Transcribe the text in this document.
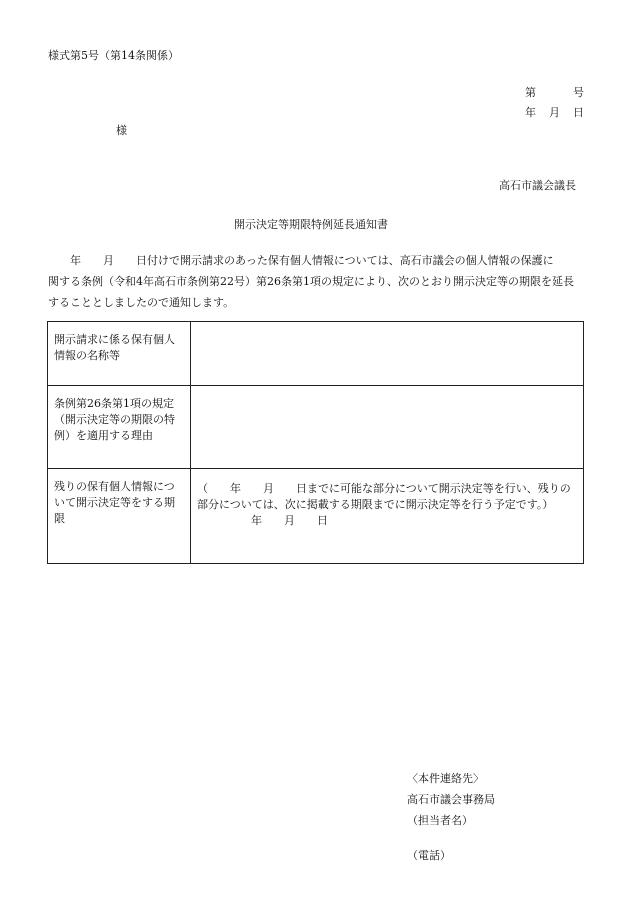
様式第5号（第14条関係）
第	号
年 月 日
様
高石市議会議長
開示決定等期限特例延長通知書
年 月 日付けで開示請求のあった保有個人情報については、高石市議会の個人情報の保護に
関する条例（令和4年高石市条例第22号）第26条第1項の規定により、次のとおり開示決定等の期限を延長
することとしましたので通知します。
開示請求に係る保有個人情報の名称等	
条例第26条第1項の規定（開示決定等の期限の特例）を適用する理由	
残りの保有個人情報について開示決定等をする期限	（　　年　　月　　日までに可能な部分について開示決定等を行い、残りの
部分については、次に掲載する期限までに開示決定等を行う予定です。）
年　　月　　日
〈本件連絡先〉
高石市議会事務局
（担当者名）
（電話）
